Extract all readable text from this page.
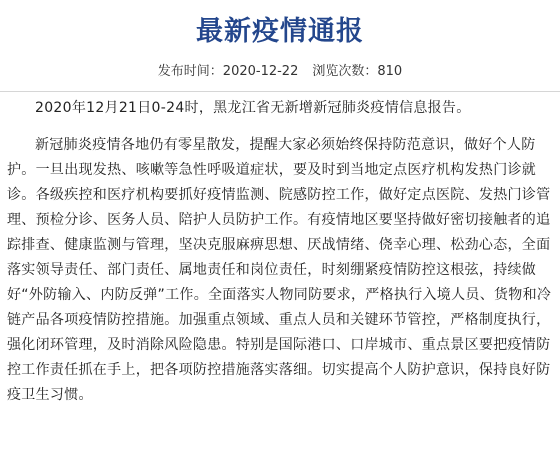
最新疫情通报
发布时间：2020-12-22 浏览次数：810

2020年12月21日0-24时，黑龙江省无新增新冠肺炎疫情信息报告。

新冠肺炎疫情各地仍有零星散发，提醒大家必须始终保持防范意识，做好个人防护。一旦出现发热、咳嗽等急性呼吸道症状，要及时到当地定点医疗机构发热门诊就诊。各级疾控和医疗机构要抓好疫情监测、院感防控工作，做好定点医院、发热门诊管理、预检分诊、医务人员、陪护人员防护工作。有疫情地区要坚持做好密切接触者的追踪排查、健康监测与管理，坚决克服麻痹思想、厌战情绪、侥幸心理、松劲心态，全面落实领导责任、部门责任、属地责任和岗位责任，时刻绷紧疫情防控这根弦，持续做好“外防输入、内防反弹”工作。全面落实人物同防要求，严格执行入境人员、货物和冷链产品各项疫情防控措施。加强重点领域、重点人员和关键环节管控，严格制度执行，强化闭环管理，及时消除风险隐患。特别是国际港口、口岸城市、重点景区要把疫情防控工作责任抓在手上，把各项防控措施落实落细。切实提高个人防护意识，保持良好防疫卫生习惯。
